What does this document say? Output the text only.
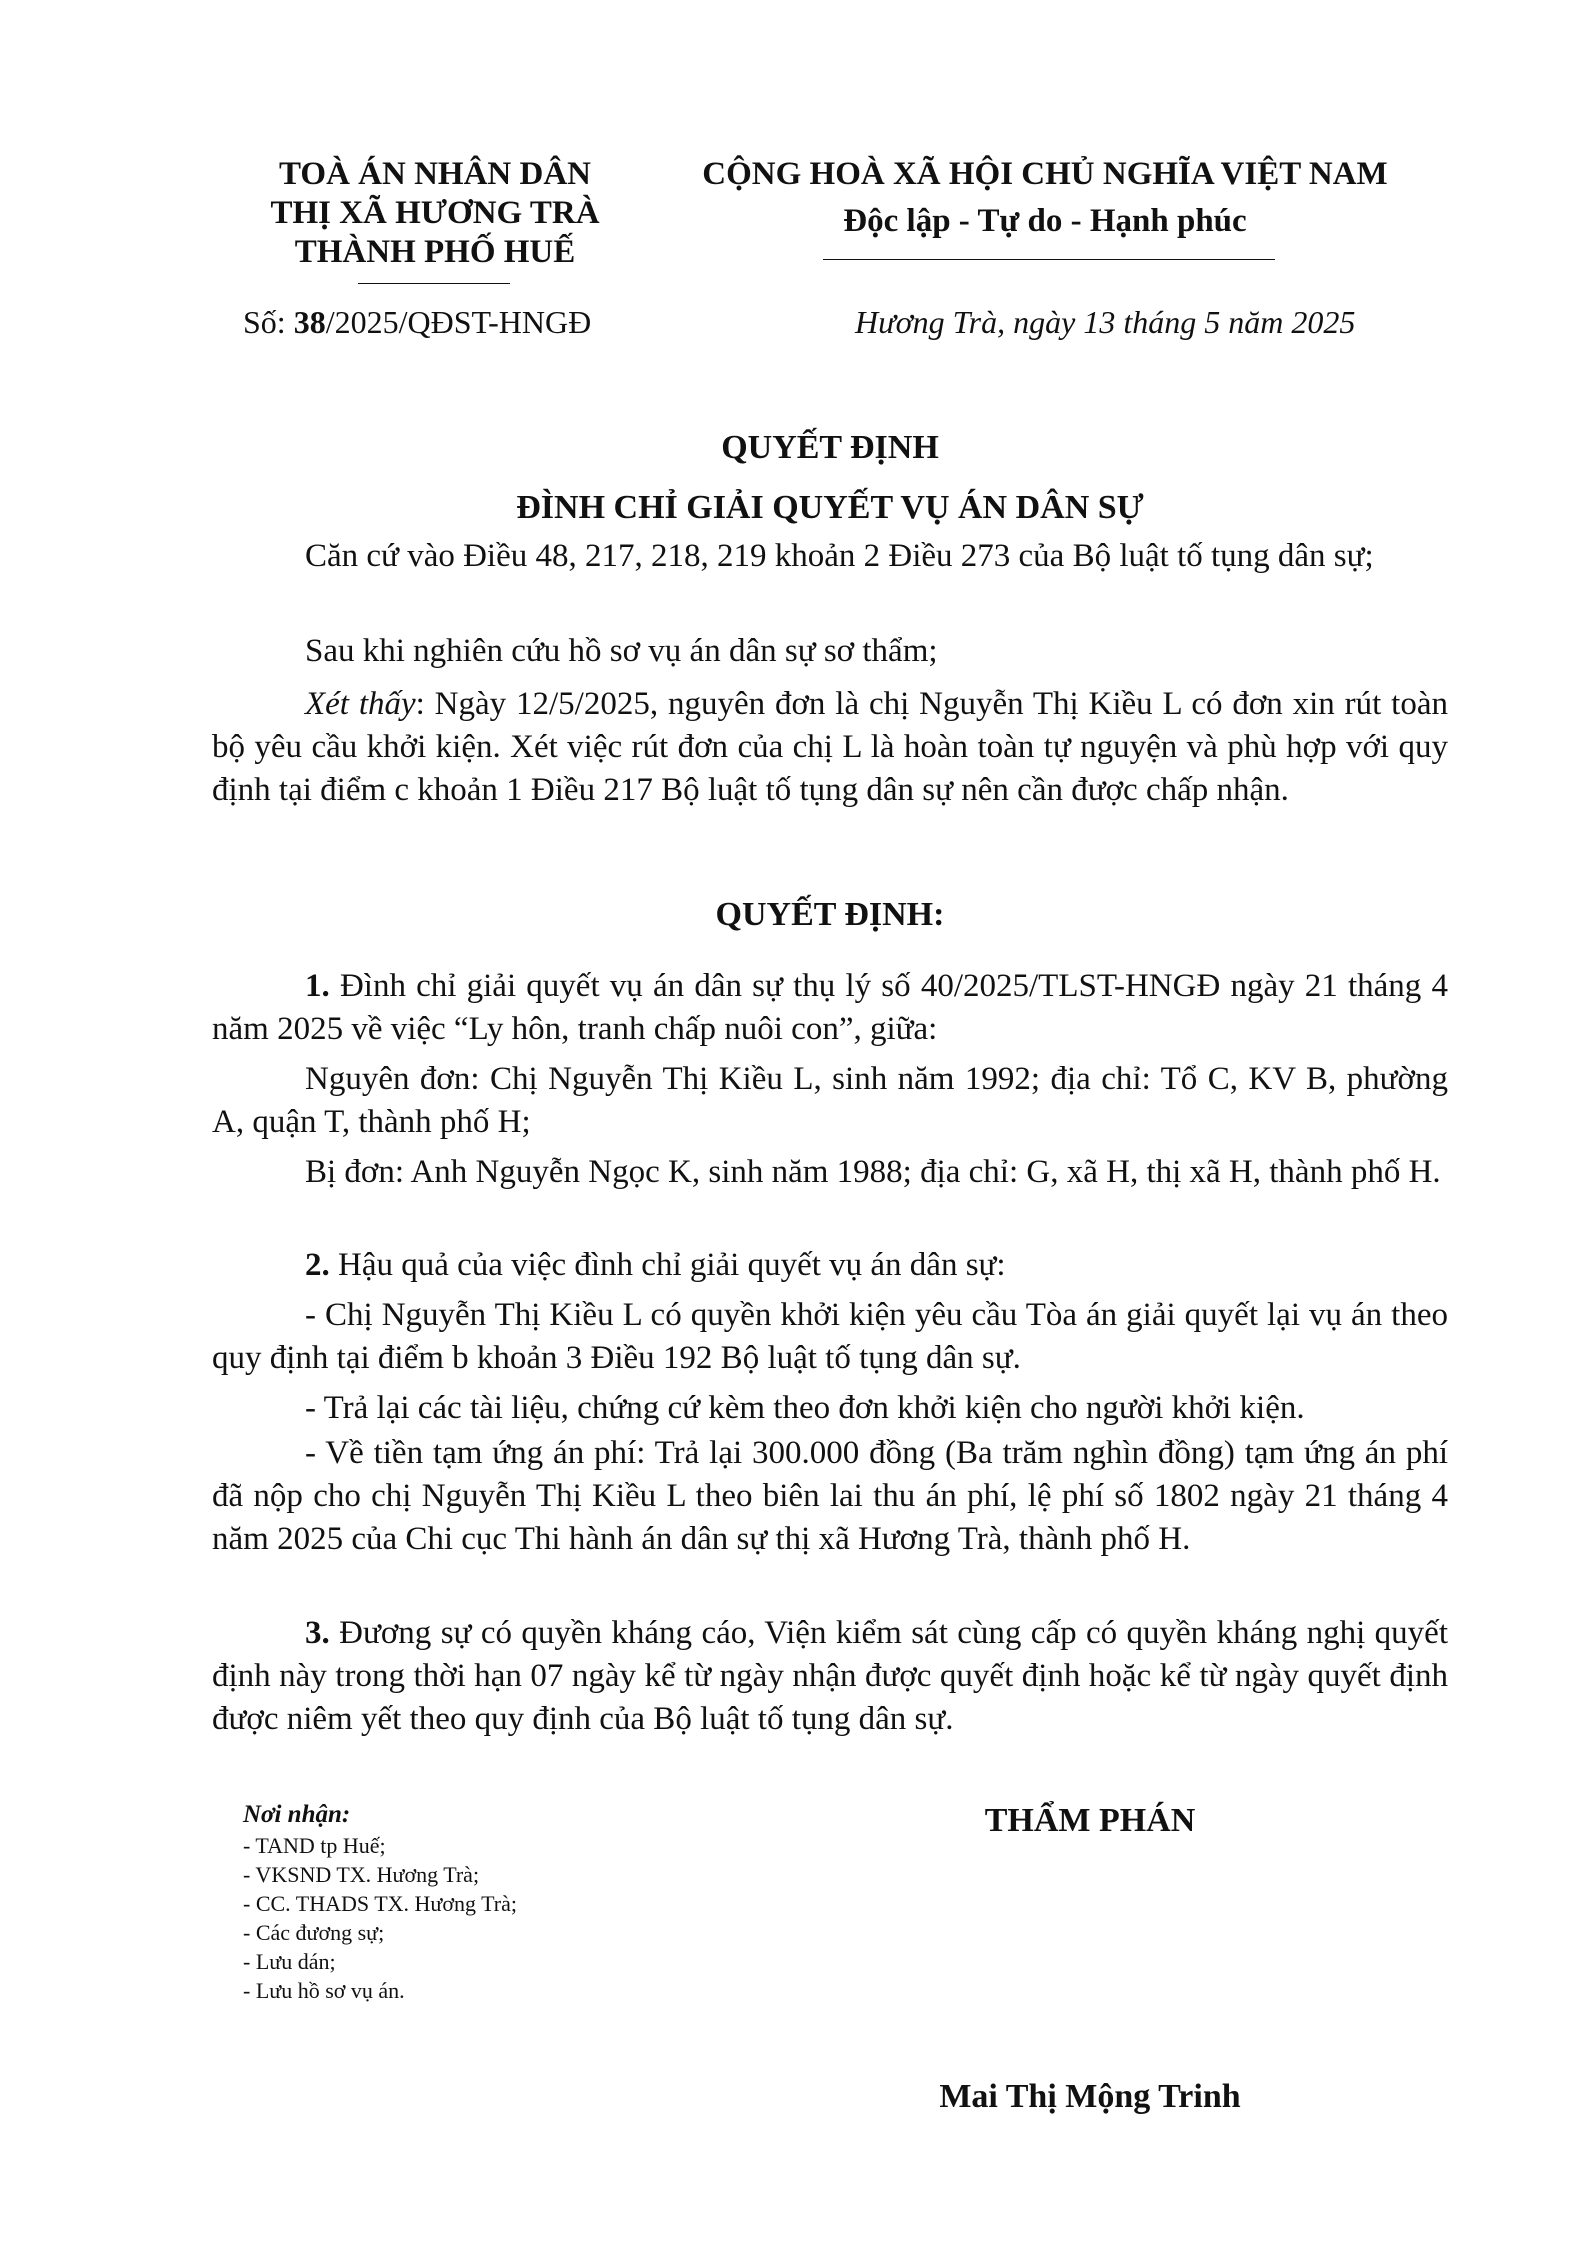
TOÀ ÁN NHÂN DÂN
THỊ XÃ HƯƠNG TRÀ
THÀNH PHỐ HUẾ
Số: 38/2025/QĐST-HNGĐ
CỘNG HOÀ XÃ HỘI CHỦ NGHĨA VIỆT NAM
Độc lập - Tự do - Hạnh phúc
Hương Trà, ngày 13 tháng 5 năm 2025
QUYẾT ĐỊNH
ĐÌNH CHỈ GIẢI QUYẾT VỤ ÁN DÂN SỰ

Căn cứ vào Điều 48, 217, 218, 219 khoản 2 Điều 273 của Bộ luật tố tụng dân sự;

Sau khi nghiên cứu hồ sơ vụ án dân sự sơ thẩm;

Xét thấy: Ngày 12/5/2025, nguyên đơn là chị Nguyễn Thị Kiều L có đơn xin rút toàn bộ yêu cầu khởi kiện. Xét việc rút đơn của chị L là hoàn toàn tự nguyện và phù hợp với quy định tại điểm c khoản 1 Điều 217 Bộ luật tố tụng dân sự nên cần được chấp nhận.

QUYẾT ĐỊNH:

1. Đình chỉ giải quyết vụ án dân sự thụ lý số 40/2025/TLST-HNGĐ ngày 21 tháng 4 năm 2025 về việc “Ly hôn, tranh chấp nuôi con”, giữa:

Nguyên đơn: Chị Nguyễn Thị Kiều L, sinh năm 1992; địa chỉ: Tổ C, KV B, phường A, quận T, thành phố H;

Bị đơn: Anh Nguyễn Ngọc K, sinh năm 1988; địa chỉ: G, xã H, thị xã H, thành phố H.

2. Hậu quả của việc đình chỉ giải quyết vụ án dân sự:

- Chị Nguyễn Thị Kiều L có quyền khởi kiện yêu cầu Tòa án giải quyết lại vụ án theo quy định tại điểm b khoản 3 Điều 192 Bộ luật tố tụng dân sự.

- Trả lại các tài liệu, chứng cứ kèm theo đơn khởi kiện cho người khởi kiện.

- Về tiền tạm ứng án phí: Trả lại 300.000 đồng (Ba trăm nghìn đồng) tạm ứng án phí đã nộp cho chị Nguyễn Thị Kiều L theo biên lai thu án phí, lệ phí số 1802 ngày 21 tháng 4 năm 2025 của Chi cục Thi hành án dân sự thị xã Hương Trà, thành phố H.

3. Đương sự có quyền kháng cáo, Viện kiểm sát cùng cấp có quyền kháng nghị quyết định này trong thời hạn 07 ngày kể từ ngày nhận được quyết định hoặc kể từ ngày quyết định được niêm yết theo quy định của Bộ luật tố tụng dân sự.

Nơi nhận:
- TAND tp Huế;
- VKSND TX. Hương Trà;
- CC. THADS TX. Hương Trà;
- Các đương sự;
- Lưu dán;
- Lưu hồ sơ vụ án.
THẨM PHÁN
Mai Thị Mộng Trinh
